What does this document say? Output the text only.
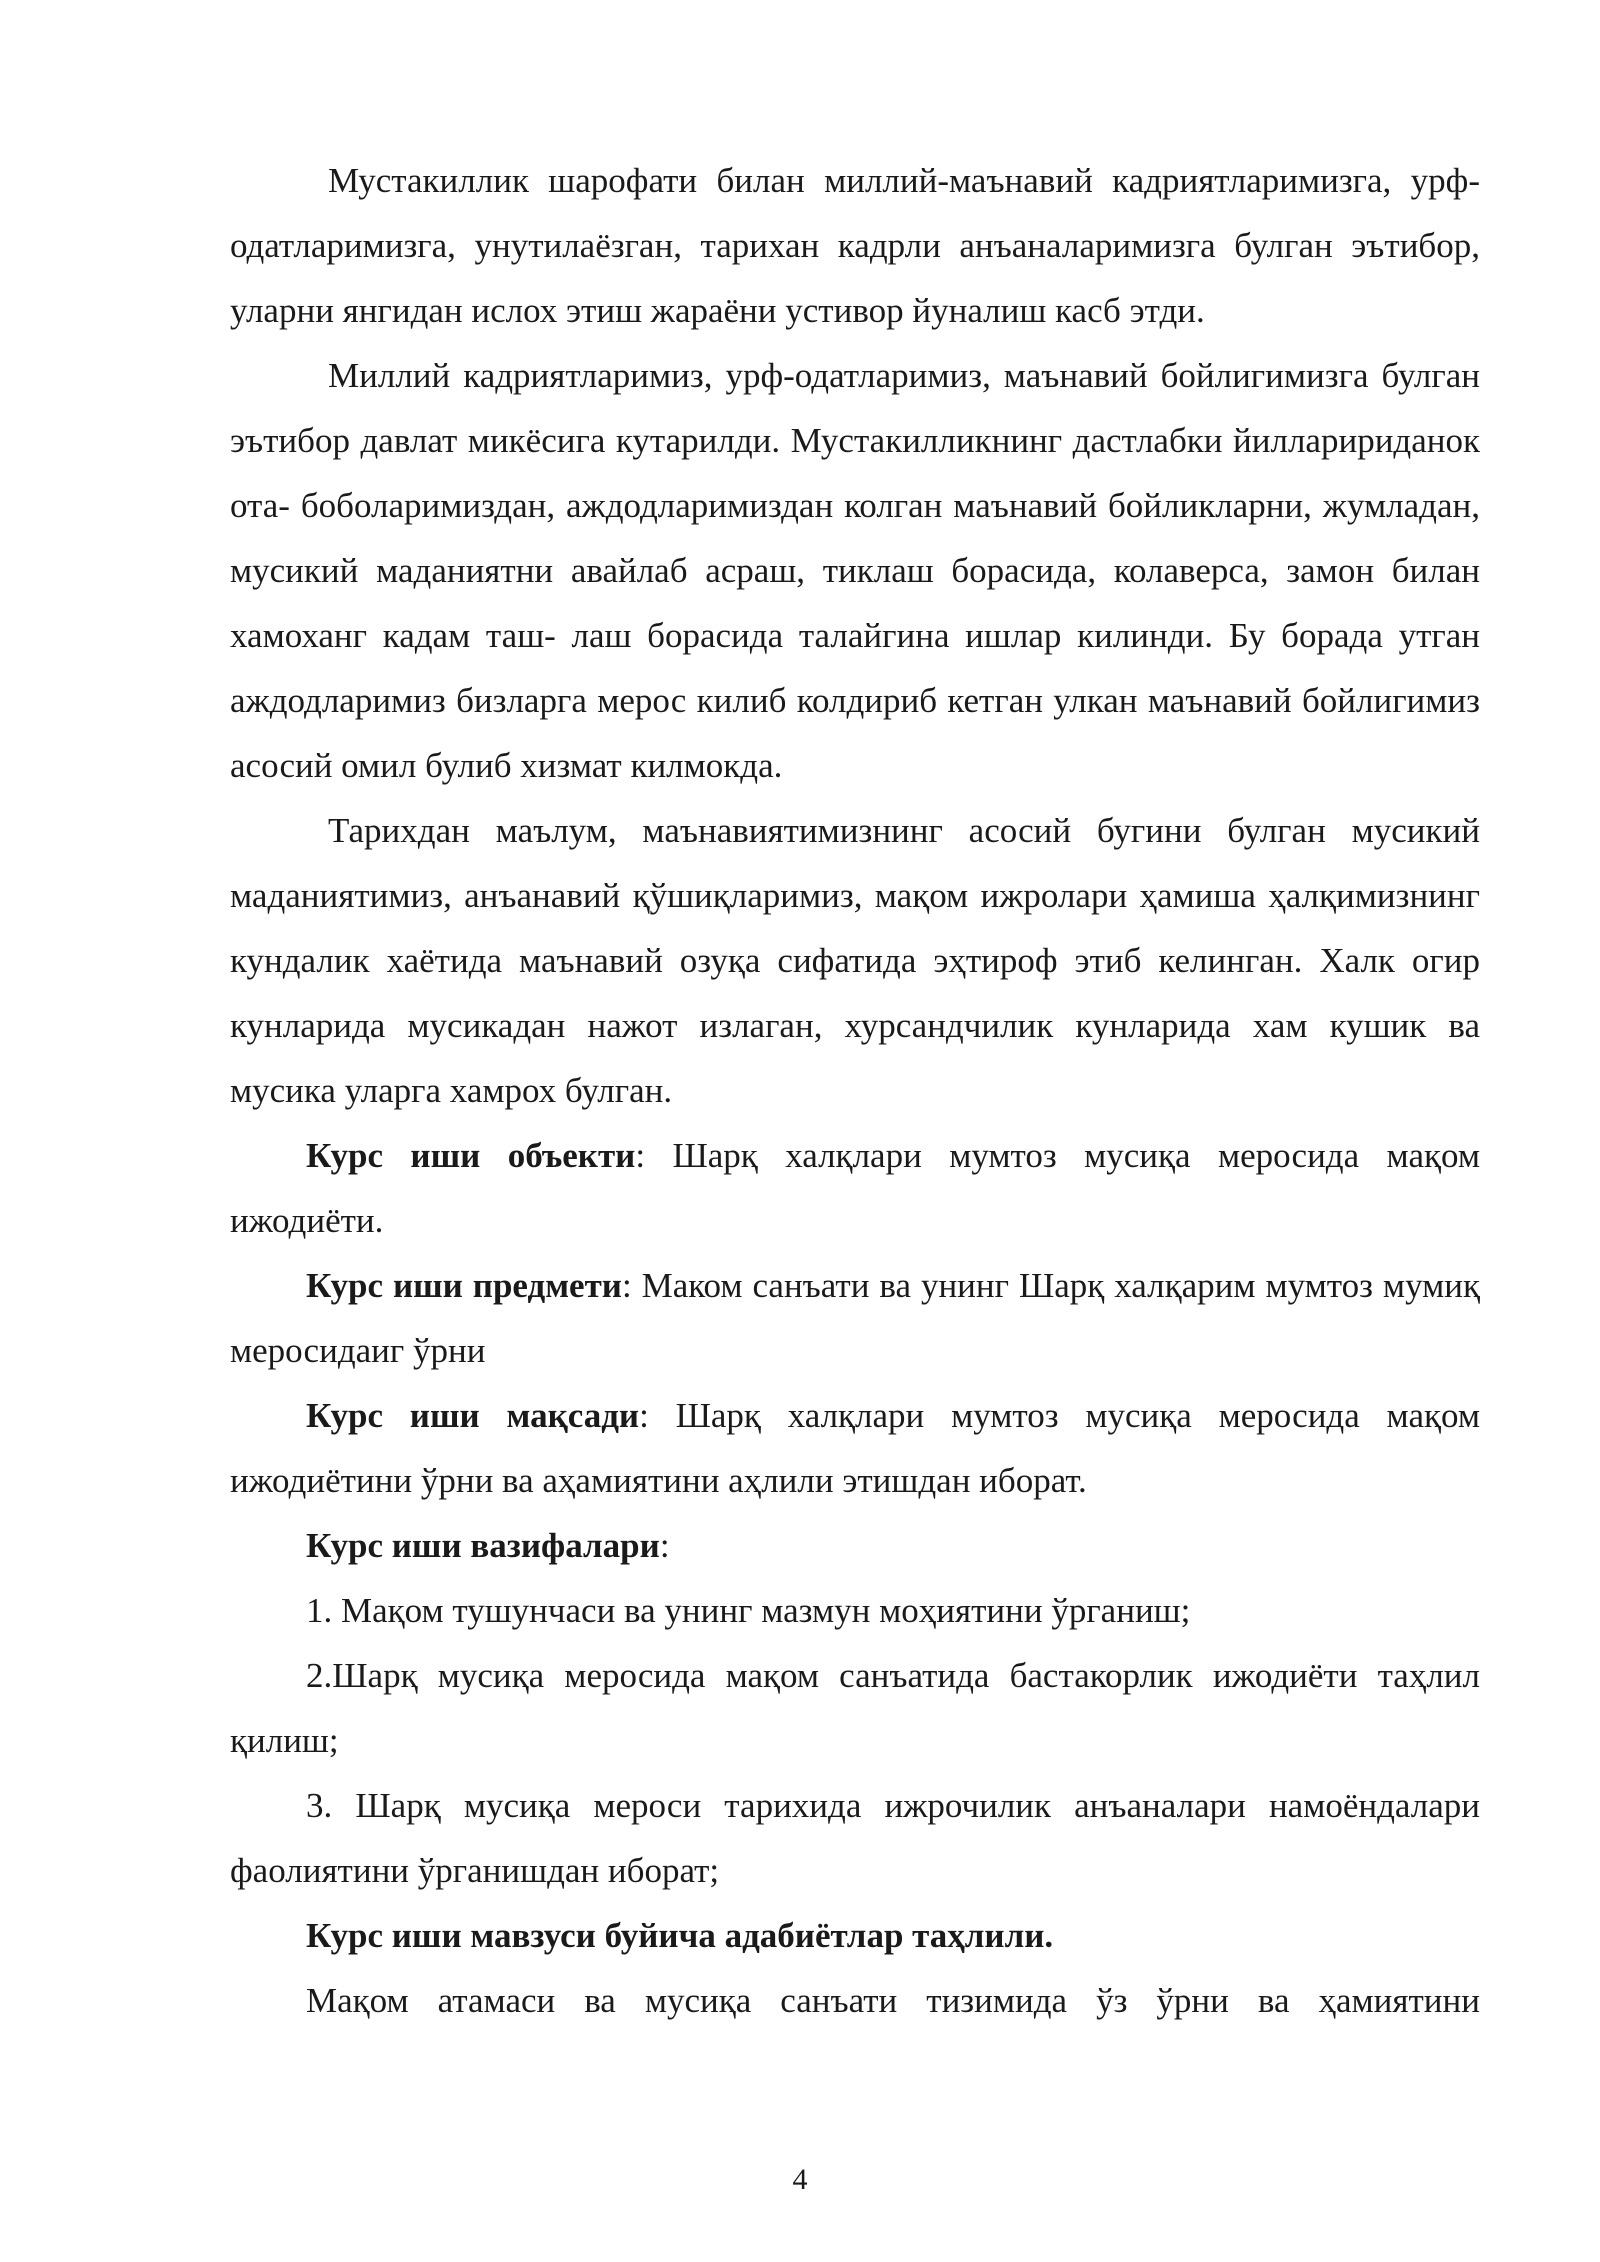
Мустакиллик шарофати билан миллий-маънавий кадриятларимизга, урф- одатларимизга, унутилаёзган, тарихан кадрли анъаналаримизга булган эътибор, уларни янгидан ислох этиш жараёни устивор йуналиш касб этди.

Миллий кадриятларимиз, урф-одатларимиз, маънавий бойлигимизга булган эътибор давлат микёсига кутарилди. Мустакилликнинг дастлабки йилларириданок ота- боболаримиздан, аждодларимиздан колган маънавий бойликларни, жумладан, мусикий маданиятни авайлаб асраш, тиклаш борасида, колаверса, замон билан хамоханг кадам таш- лаш борасида талайгина ишлар килинди. Бу борада утган аждодларимиз бизларга мерос килиб колдириб кетган улкан маънавий бойлигимиз асосий омил булиб хизмат килмокда.

Тарихдан маълум, маънавиятимизнинг асосий бугини булган мусикий маданиятимиз, анъанавий қўшиқларимиз, мақом ижролари ҳамиша ҳалқимизнинг кундалик хаётида маънавий озуқа сифатида эҳтироф этиб келинган. Халк огир кунларида мусикадан нажот излаган, хурсандчилик кунларида хам кушик ва мусика уларга хамрох булган.

Курс иши объекти: Шарқ халқлари мумтоз мусиқа меросида мақом ижодиёти.

Курс иши предмети: Маком санъати ва унинг Шарқ халқарим мумтоз мумиқ меросидаиг ўрни

Курс иши мақсади: Шарқ халқлари мумтоз мусиқа меросида мақом ижодиётини ўрни ва аҳамиятини аҳлили этишдан иборат.

Курс иши вазифалари:

1. Мақом тушунчаси ва унинг мазмун моҳиятини ўрганиш;

2.Шарқ мусиқа меросида мақом санъатида бастакорлик ижодиёти таҳлил қилиш;

3. Шарқ мусиқа мероси тарихида ижрочилик анъаналари намоёндалари фаолиятини ўрганишдан иборат;

Курс иши мавзуси буйича адабиётлар таҳлили.

Мақом атамаси ва мусиқа санъати тизимида ўз ўрни ва ҳамиятини

4
